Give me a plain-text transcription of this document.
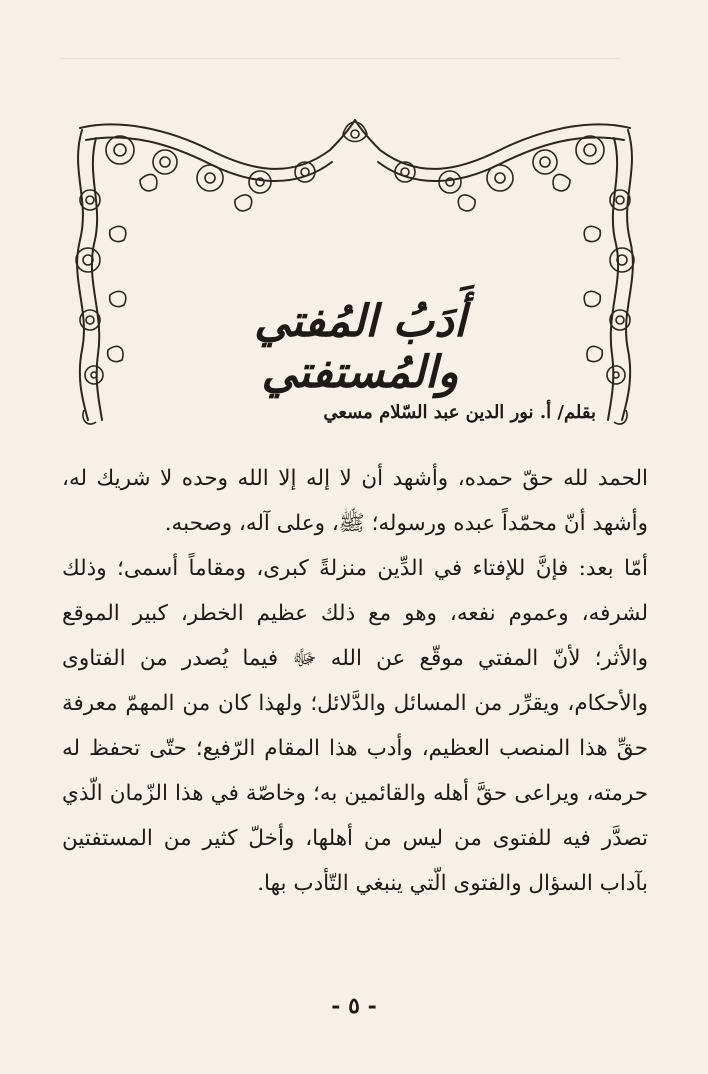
أَدَبُ المُفتي والمُستفتي
بقلم/ أ. نور الدين عبد السّلام مسعي

الحمد لله حقّ حمده، وأشهد أن لا إله إلا الله وحده لا شريك له، وأشهد أنّ محمّداً عبده ورسوله؛ ﷺ، وعلى آله، وصحبه.

أمّا بعد: فإنَّ للإفتاء في الدِّين منزلةً كبرى، ومقاماً أسمى؛ وذلك لشرفه، وعموم نفعه، وهو مع ذلك عظيم الخطر، كبير الموقع والأثر؛ لأنّ المفتي موقّع عن الله ﷻ فيما يُصدر من الفتاوى والأحكام، ويقرِّر من المسائل والدَّلائل؛ ولهذا كان من المهمّ معرفة حقِّ هذا المنصب العظيم، وأدب هذا المقام الرّفيع؛ حتّى تحفظ له حرمته، ويراعى حقَّ أهله والقائمين به؛ وخاصّة في هذا الزّمان الّذي تصدَّر فيه للفتوى من ليس من أهلها، وأخلّ كثير من المستفتين بآداب السؤال والفتوى الّتي ينبغي التّأدب بها.

- ٥ -
